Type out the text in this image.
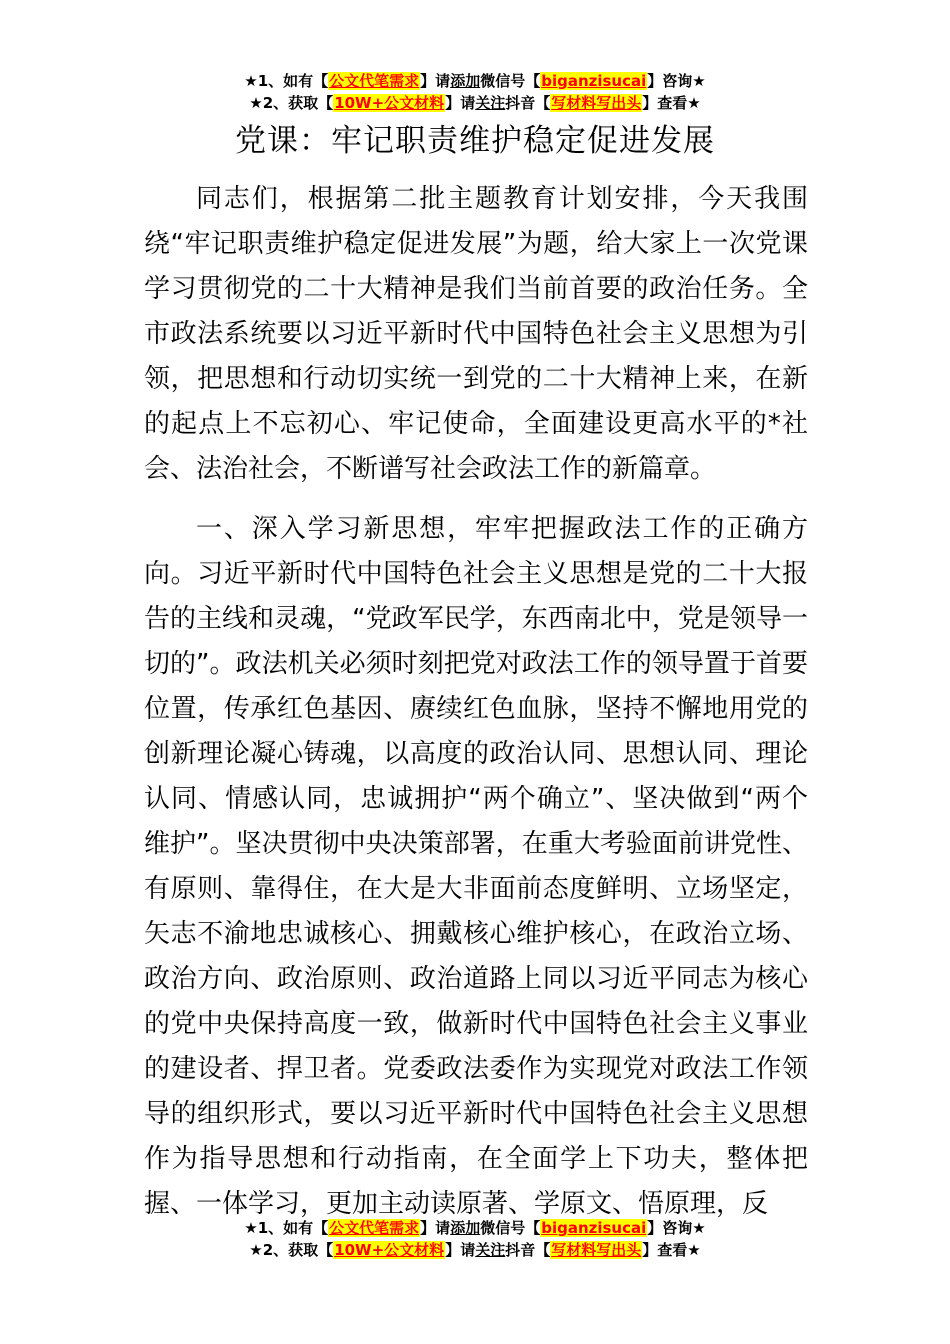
★1、如有【公文代笔需求】请添加微信号【biganzisucai】咨询★
★2、获取【10W+公文材料】请关注抖音【写材料写出头】查看★
党课：牢记职责维护稳定促进发展

同志们，根据第二批主题教育计划安排，今天我围绕“牢记职责维护稳定促进发展”为题，给大家上一次党课学习贯彻党的二十大精神是我们当前首要的政治任务。全市政法系统要以习近平新时代中国特色社会主义思想为引领，把思想和行动切实统一到党的二十大精神上来，在新的起点上不忘初心、牢记使命，全面建设更高水平的*社会、法治社会，不断谱写社会政法工作的新篇章。

一、深入学习新思想，牢牢把握政法工作的正确方向。习近平新时代中国特色社会主义思想是党的二十大报告的主线和灵魂，“党政军民学，东西南北中，党是领导一切的”。政法机关必须时刻把党对政法工作的领导置于首要位置，传承红色基因、赓续红色血脉，坚持不懈地用党的创新理论凝心铸魂，以高度的政治认同、思想认同、理论认同、情感认同，忠诚拥护“两个确立”、坚决做到“两个维护”。坚决贯彻中央决策部署，在重大考验面前讲党性、有原则、靠得住，在大是大非面前态度鲜明、立场坚定，矢志不渝地忠诚核心、拥戴核心维护核心，在政治立场、政治方向、政治原则、政治道路上同以习近平同志为核心的党中央保持高度一致，做新时代中国特色社会主义事业的建设者、捍卫者。党委政法委作为实现党对政法工作领导的组织形式，要以习近平新时代中国特色社会主义思想作为指导思想和行动指南，在全面学上下功夫，整体把握、一体学习，更加主动读原著、学原文、悟原理，反

★1、如有【公文代笔需求】请添加微信号【biganzisucai】咨询★
★2、获取【10W+公文材料】请关注抖音【写材料写出头】查看★
